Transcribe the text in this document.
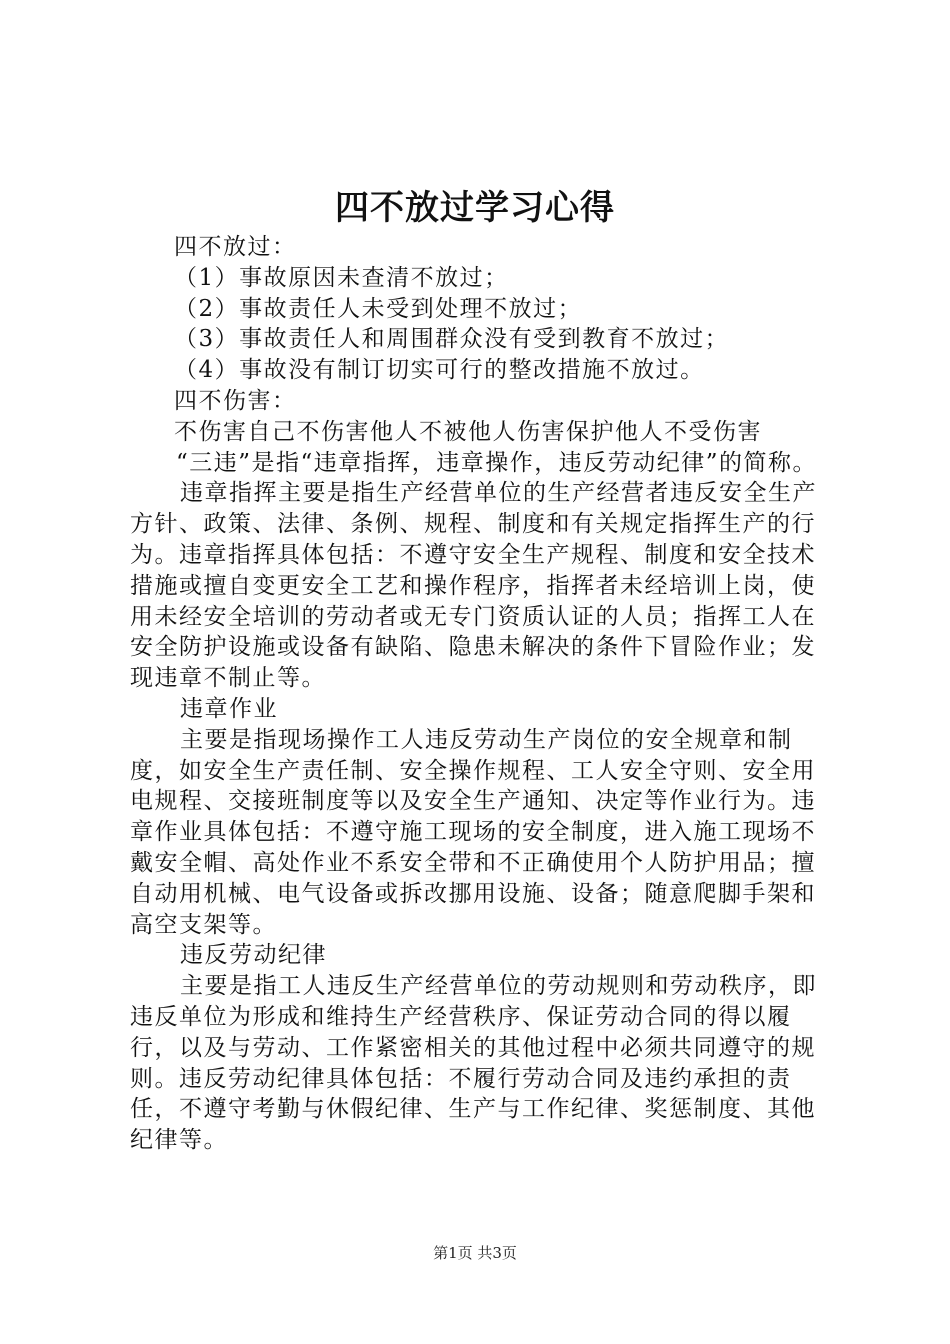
四不放过学习心得

四不放过：

（1）事故原因未查清不放过；

（2）事故责任人未受到处理不放过；

（3）事故责任人和周围群众没有受到教育不放过；

（4）事故没有制订切实可行的整改措施不放过。

四不伤害：

不伤害自己不伤害他人不被他人伤害保护他人不受伤害

“三违”是指“违章指挥，违章操作，违反劳动纪律”的简称。

违章指挥主要是指生产经营单位的生产经营者违反安全生产方针、政策、法律、条例、规程、制度和有关规定指挥生产的行为。违章指挥具体包括：不遵守安全生产规程、制度和安全技术措施或擅自变更安全工艺和操作程序，指挥者未经培训上岗，使用未经安全培训的劳动者或无专门资质认证的人员；指挥工人在安全防护设施或设备有缺陷、隐患未解决的条件下冒险作业；发现违章不制止等。

违章作业

主要是指现场操作工人违反劳动生产岗位的安全规章和制度，如安全生产责任制、安全操作规程、工人安全守则、安全用电规程、交接班制度等以及安全生产通知、决定等作业行为。违章作业具体包括：不遵守施工现场的安全制度，进入施工现场不戴安全帽、高处作业不系安全带和不正确使用个人防护用品；擅自动用机械、电气设备或拆改挪用设施、设备；随意爬脚手架和高空支架等。

违反劳动纪律

主要是指工人违反生产经营单位的劳动规则和劳动秩序，即违反单位为形成和维持生产经营秩序、保证劳动合同的得以履行，以及与劳动、工作紧密相关的其他过程中必须共同遵守的规则。违反劳动纪律具体包括：不履行劳动合同及违约承担的责任，不遵守考勤与休假纪律、生产与工作纪律、奖惩制度、其他纪律等。

第1页 共3页
